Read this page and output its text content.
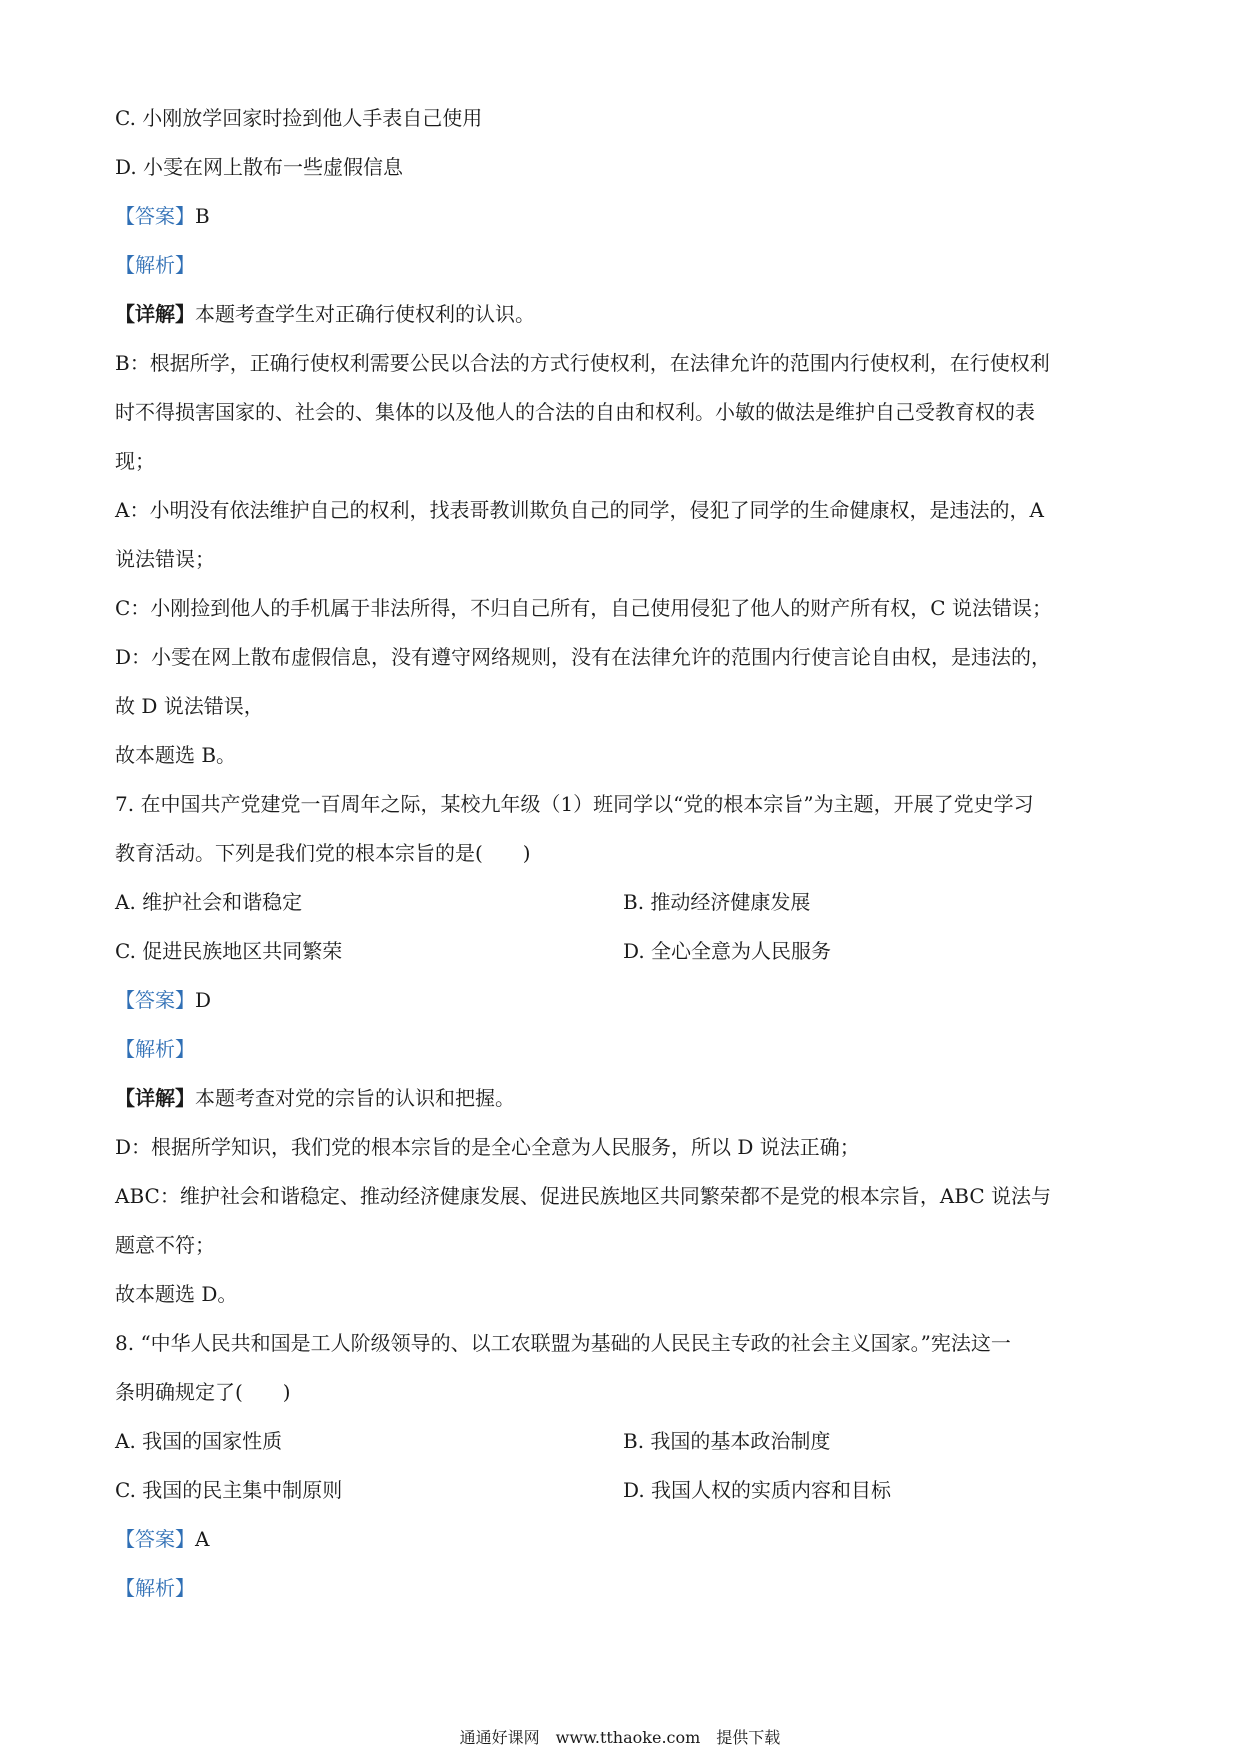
C. 小刚放学回家时捡到他人手表自己使用
D. 小雯在网上散布一些虚假信息
【答案】B
【解析】
【详解】本题考查学生对正确行使权利的认识。
B：根据所学，正确行使权利需要公民以合法的方式行使权利，在法律允许的范围内行使权利，在行使权利
时不得损害国家的、社会的、集体的以及他人的合法的自由和权利。小敏的做法是维护自己受教育权的表
现；
A：小明没有依法维护自己的权利，找表哥教训欺负自己的同学，侵犯了同学的生命健康权，是违法的，A
说法错误；
C：小刚捡到他人的手机属于非法所得，不归自己所有，自己使用侵犯了他人的财产所有权，C 说法错误；
D：小雯在网上散布虚假信息，没有遵守网络规则，没有在法律允许的范围内行使言论自由权，是违法的，
故 D 说法错误，
故本题选 B。
7. 在中国共产党建党一百周年之际，某校九年级（1）班同学以“党的根本宗旨”为主题，开展了党史学习
教育活动。下列是我们党的根本宗旨的是(　　)
A. 维护社会和谐稳定	B. 推动经济健康发展
C. 促进民族地区共同繁荣	D. 全心全意为人民服务
【答案】D
【解析】
【详解】本题考查对党的宗旨的认识和把握。
D：根据所学知识，我们党的根本宗旨的是全心全意为人民服务，所以 D 说法正确；
ABC：维护社会和谐稳定、推动经济健康发展、促进民族地区共同繁荣都不是党的根本宗旨，ABC 说法与
题意不符；
故本题选 D。
8. “中华人民共和国是工人阶级领导的、以工农联盟为基础的人民民主专政的社会主义国家。”宪法这一
条明确规定了(　　)
A. 我国的国家性质	B. 我国的基本政治制度
C. 我国的民主集中制原则	D. 我国人权的实质内容和目标
【答案】A
【解析】
通通好课网　www.tthaoke.com　提供下载
